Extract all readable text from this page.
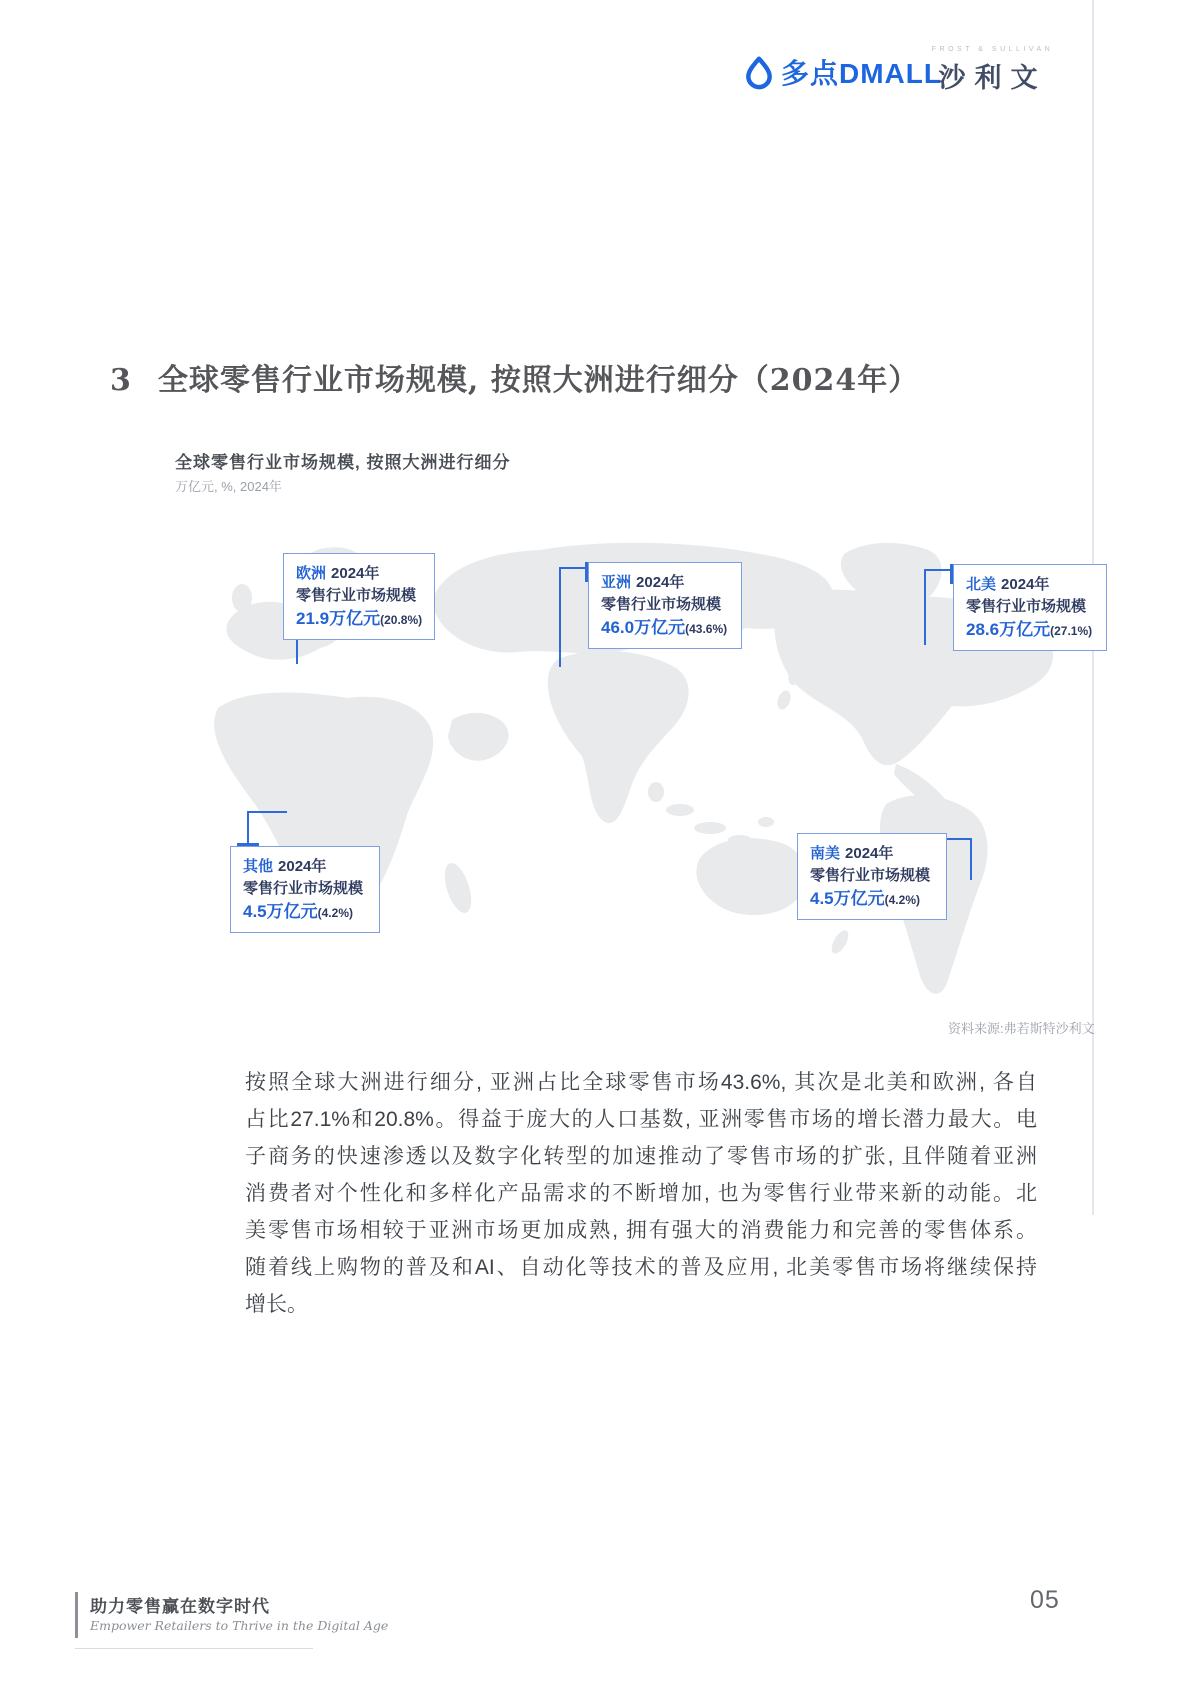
多点DMALL
FROST & SULLIVAN
沙利文
3 全球零售行业市场规模, 按照大洲进行细分（2024年）
全球零售行业市场规模, 按照大洲进行细分
万亿元, %, 2024年
欧洲 2024年
零售行业市场规模
21.9万亿元(20.8%)
亚洲 2024年
零售行业市场规模
46.0万亿元(43.6%)
北美 2024年
零售行业市场规模
28.6万亿元(27.1%)
其他 2024年
零售行业市场规模
4.5万亿元(4.2%)
南美 2024年
零售行业市场规模
4.5万亿元(4.2%)
资料来源:弗若斯特沙利文
按照全球大洲进行细分, 亚洲占比全球零售市场43.6%, 其次是北美和欧洲, 各自
占比27.1%和20.8%。得益于庞大的人口基数, 亚洲零售市场的增长潜力最大。电
子商务的快速渗透以及数字化转型的加速推动了零售市场的扩张, 且伴随着亚洲
消费者对个性化和多样化产品需求的不断增加, 也为零售行业带来新的动能。北
美零售市场相较于亚洲市场更加成熟, 拥有强大的消费能力和完善的零售体系。
随着线上购物的普及和AI、自动化等技术的普及应用, 北美零售市场将继续保持
增长。
助力零售赢在数字时代
Empower Retailers to Thrive in the Digital Age
05
